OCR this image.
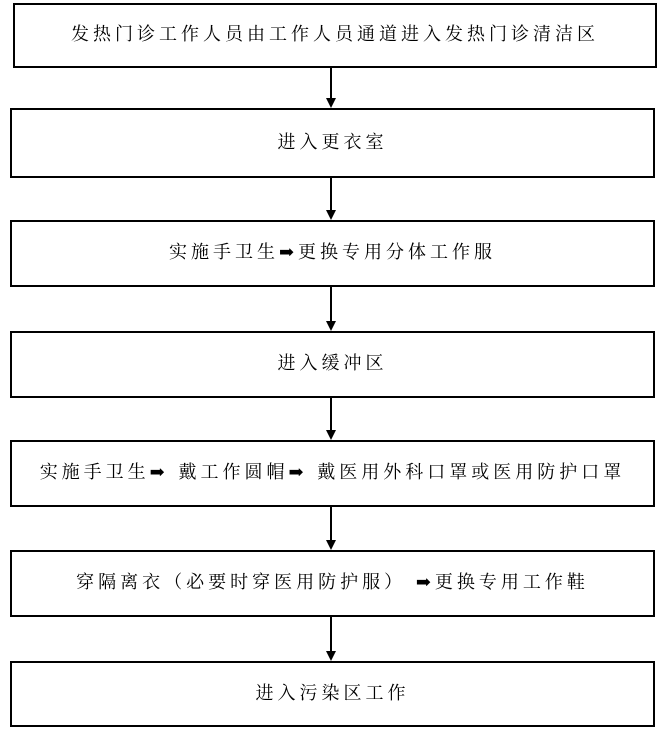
发热门诊工作人员由工作人员通道进入发热门诊清洁区
进入更衣室
实施手卫生➡更换专用分体工作服
进入缓冲区
实施手卫生➡ 戴工作圆帽➡ 戴医用外科口罩或医用防护口罩
穿隔离衣（必要时穿医用防护服） ➡更换专用工作鞋
进入污染区工作
